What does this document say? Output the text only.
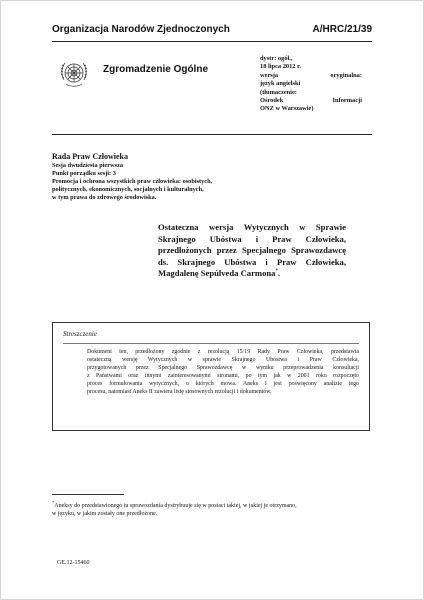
Organizacja Narodów Zjednoczonych	A/HRC/21/39
Zgromadzenie Ogólne
dystr: ogól.,
18 lipca 2012 r.
wersja oryginalna:
język angielski
(tłumaczenie:
Ośrodek Informacji
ONZ w Warszawie)
Rada Praw Człowieka
Sesja dwudziesta pierwsza
Punkt porządku sesji: 3
Promocja i ochrona wszystkich praw człowieka: osobistych,
politycznych, ekonomicznych, socjalnych i kulturalnych,
w tym prawa do zdrowego środowiska.
Ostateczna wersja Wytycznych w Sprawie
Skrajnego Ubóstwa i Praw Człowieka,
przedłożonych przez Specjalnego Sprawozdawcę
ds. Skrajnego Ubóstwa i Praw Człowieka,
Magdalenę Sepúlveda Carmona*.
Streszczenie
Dokument ten, przedłożony zgodnie z rezolucją 15/19 Rady Praw Człowieka, przedstawia
ostateczną wersję Wytycznych w sprawie Skrajnego Ubóstwa i Praw Człowieka,
przygotowanych przez Specjalnego Sprawozdawcę w wyniku przeprowadzenia konsultacji
z Państwami oraz innymi zainteresowanymi stronami, po tym jak w 2001 roku rozpoczęto
proces formułowania wytycznych, o których mowa. Aneks I jest poświęcony analizie tego
procesu, natomiast Aneks II zawiera listę stosownych rezolucji i dokumentów.
*Aneksy do przedstawionego tu sprawozdania dystrybuuje się w postaci takiej, w jakiej je otrzymano,
w języku, w jakim zostały one przedłożone.
GE.12-15460
